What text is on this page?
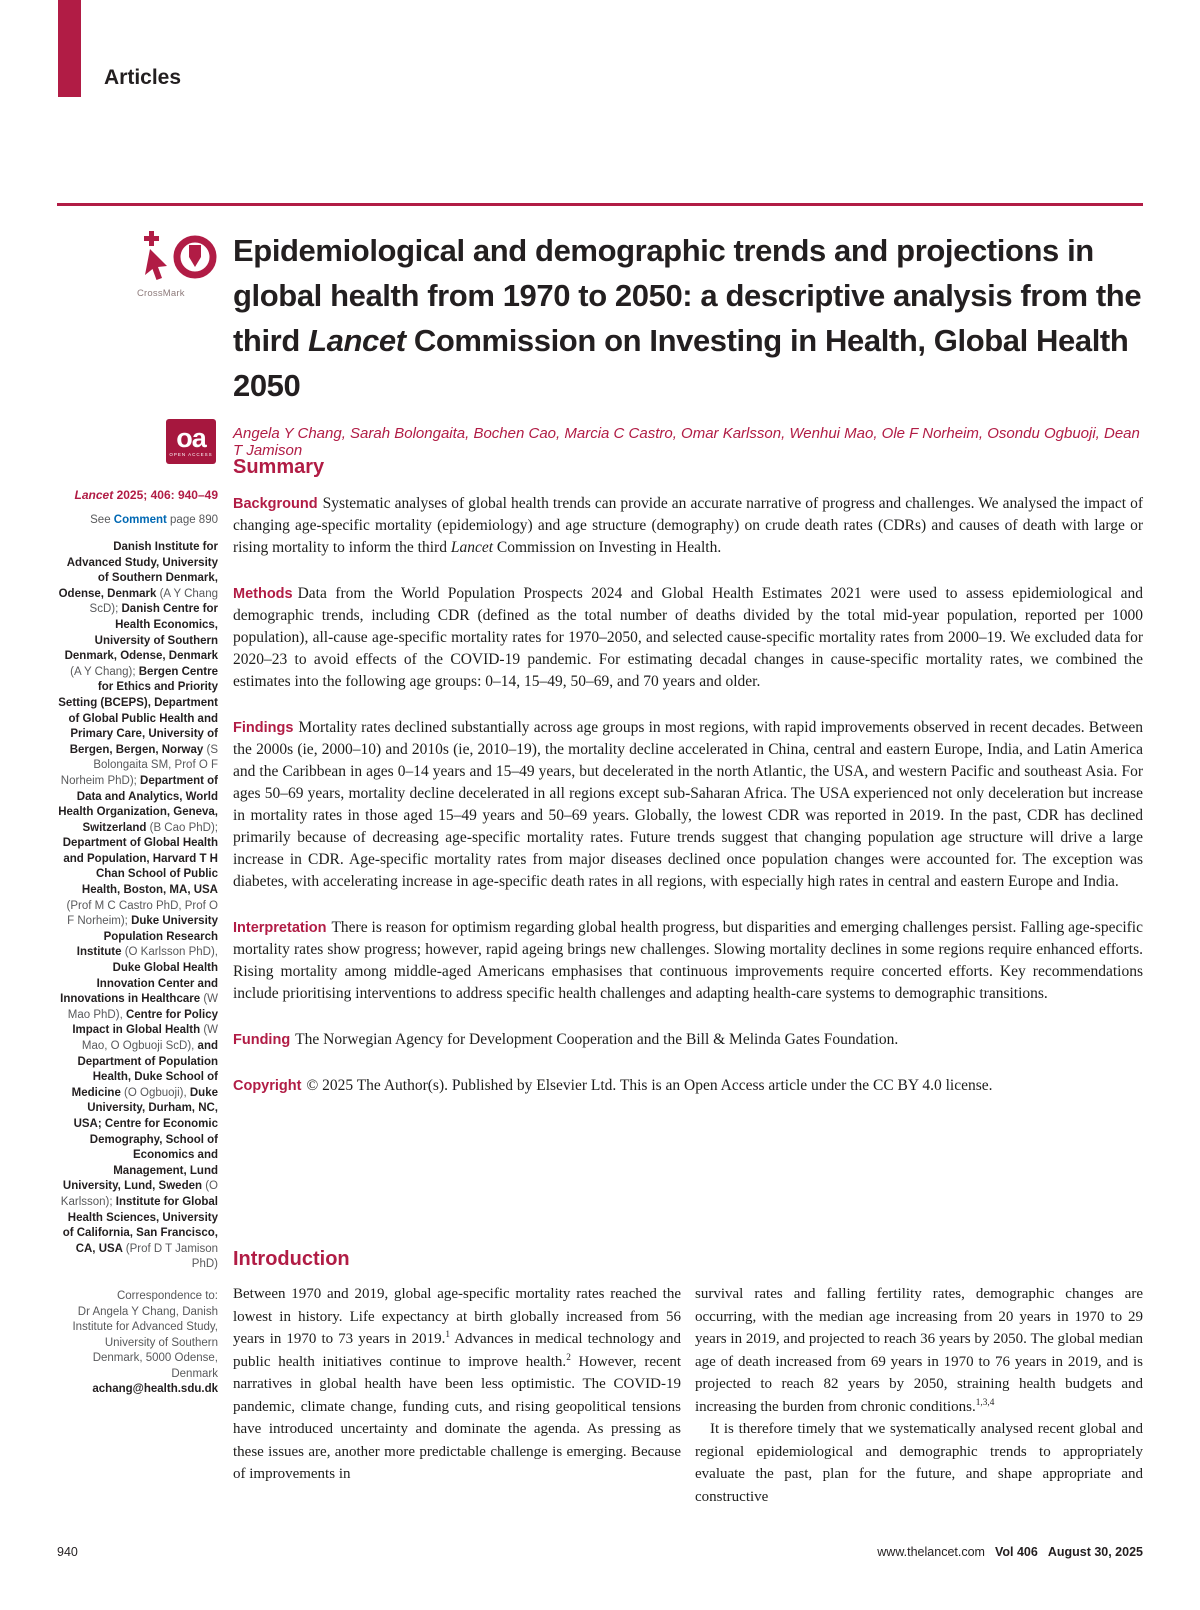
Articles
CrossMark
Epidemiological and demographic trends and projections in global health from 1970 to 2050: a descriptive analysis from the third Lancet Commission on Investing in Health, Global Health 2050
oa
OPEN ACCESS
Angela Y Chang, Sarah Bolongaita, Bochen Cao, Marcia C Castro, Omar Karlsson, Wenhui Mao, Ole F Norheim, Osondu Ogbuoji, Dean T Jamison
Summary

Background Systematic analyses of global health trends can provide an accurate narrative of progress and challenges. We analysed the impact of changing age-specific mortality (epidemiology) and age structure (demography) on crude death rates (CDRs) and causes of death with large or rising mortality to inform the third Lancet Commission on Investing in Health.

Methods Data from the World Population Prospects 2024 and Global Health Estimates 2021 were used to assess epidemiological and demographic trends, including CDR (defined as the total number of deaths divided by the total mid-year population, reported per 1000 population), all-cause age-specific mortality rates for 1970–2050, and selected cause-specific mortality rates from 2000–19. We excluded data for 2020–23 to avoid effects of the COVID-19 pandemic. For estimating decadal changes in cause-specific mortality rates, we combined the estimates into the following age groups: 0–14, 15–49, 50–69, and 70 years and older.

Findings Mortality rates declined substantially across age groups in most regions, with rapid improvements observed in recent decades. Between the 2000s (ie, 2000–10) and 2010s (ie, 2010–19), the mortality decline accelerated in China, central and eastern Europe, India, and Latin America and the Caribbean in ages 0–14 years and 15–49 years, but decelerated in the north Atlantic, the USA, and western Pacific and southeast Asia. For ages 50–69 years, mortality decline decelerated in all regions except sub-Saharan Africa. The USA experienced not only deceleration but increase in mortality rates in those aged 15–49 years and 50–69 years. Globally, the lowest CDR was reported in 2019. In the past, CDR has declined primarily because of decreasing age-specific mortality rates. Future trends suggest that changing population age structure will drive a large increase in CDR. Age-specific mortality rates from major diseases declined once population changes were accounted for. The exception was diabetes, with accelerating increase in age-specific death rates in all regions, with especially high rates in central and eastern Europe and India.

Interpretation There is reason for optimism regarding global health progress, but disparities and emerging challenges persist. Falling age-specific mortality rates show progress; however, rapid ageing brings new challenges. Slowing mortality declines in some regions require enhanced efforts. Rising mortality among middle-aged Americans emphasises that continuous improvements require concerted efforts. Key recommendations include prioritising interventions to address specific health challenges and adapting health-care systems to demographic transitions.

Funding The Norwegian Agency for Development Cooperation and the Bill & Melinda Gates Foundation.

Copyright © 2025 The Author(s). Published by Elsevier Ltd. This is an Open Access article under the CC BY 4.0 license.

Introduction

Between 1970 and 2019, global age-specific mortality rates reached the lowest in history. Life expectancy at birth globally increased from 56 years in 1970 to 73 years in 2019.$^1$ Advances in medical technology and public health initiatives continue to improve health.$^2$ However, recent narratives in global health have been less optimistic. The COVID-19 pandemic, climate change, funding cuts, and rising geopolitical tensions have introduced uncertainty and dominate the agenda. As pressing as these issues are, another more predictable challenge is emerging. Because of improvements in

survival rates and falling fertility rates, demographic changes are occurring, with the median age increasing from 20 years in 1970 to 29 years in 2019, and projected to reach 36 years by 2050. The global median age of death increased from 69 years in 1970 to 76 years in 2019, and is projected to reach 82 years by 2050, straining health budgets and increasing the burden from chronic conditions.$^{1,3,4}$

It is therefore timely that we systematically analysed recent global and regional epidemiological and demographic trends to appropriately evaluate the past, plan for the future, and shape appropriate and constructive

Lancet 2025; 406: 940–49
See Comment page 890
Danish Institute for Advanced Study, University of Southern Denmark, Odense, Denmark (A Y Chang ScD); Danish Centre for Health Economics, University of Southern Denmark, Odense, Denmark (A Y Chang); Bergen Centre for Ethics and Priority Setting (BCEPS), Department of Global Public Health and Primary Care, University of Bergen, Bergen, Norway (S Bolongaita SM, Prof O F Norheim PhD); Department of Data and Analytics, World Health Organization, Geneva, Switzerland (B Cao PhD); Department of Global Health and Population, Harvard T H Chan School of Public Health, Boston, MA, USA (Prof M C Castro PhD, Prof O F Norheim); Duke University Population Research Institute (O Karlsson PhD), Duke Global Health Innovation Center and Innovations in Healthcare (W Mao PhD), Centre for Policy Impact in Global Health (W Mao, O Ogbuoji ScD), and Department of Population Health, Duke School of Medicine (O Ogbuoji), Duke University, Durham, NC, USA; Centre for Economic Demography, School of Economics and Management, Lund University, Lund, Sweden (O Karlsson); Institute for Global Health Sciences, University of California, San Francisco, CA, USA (Prof D T Jamison PhD)
Correspondence to:
Dr Angela Y Chang, Danish Institute for Advanced Study, University of Southern Denmark, 5000 Odense, Denmark
achang@health.sdu.dk
940	www.thelancet.com Vol 406 August 30, 2025
